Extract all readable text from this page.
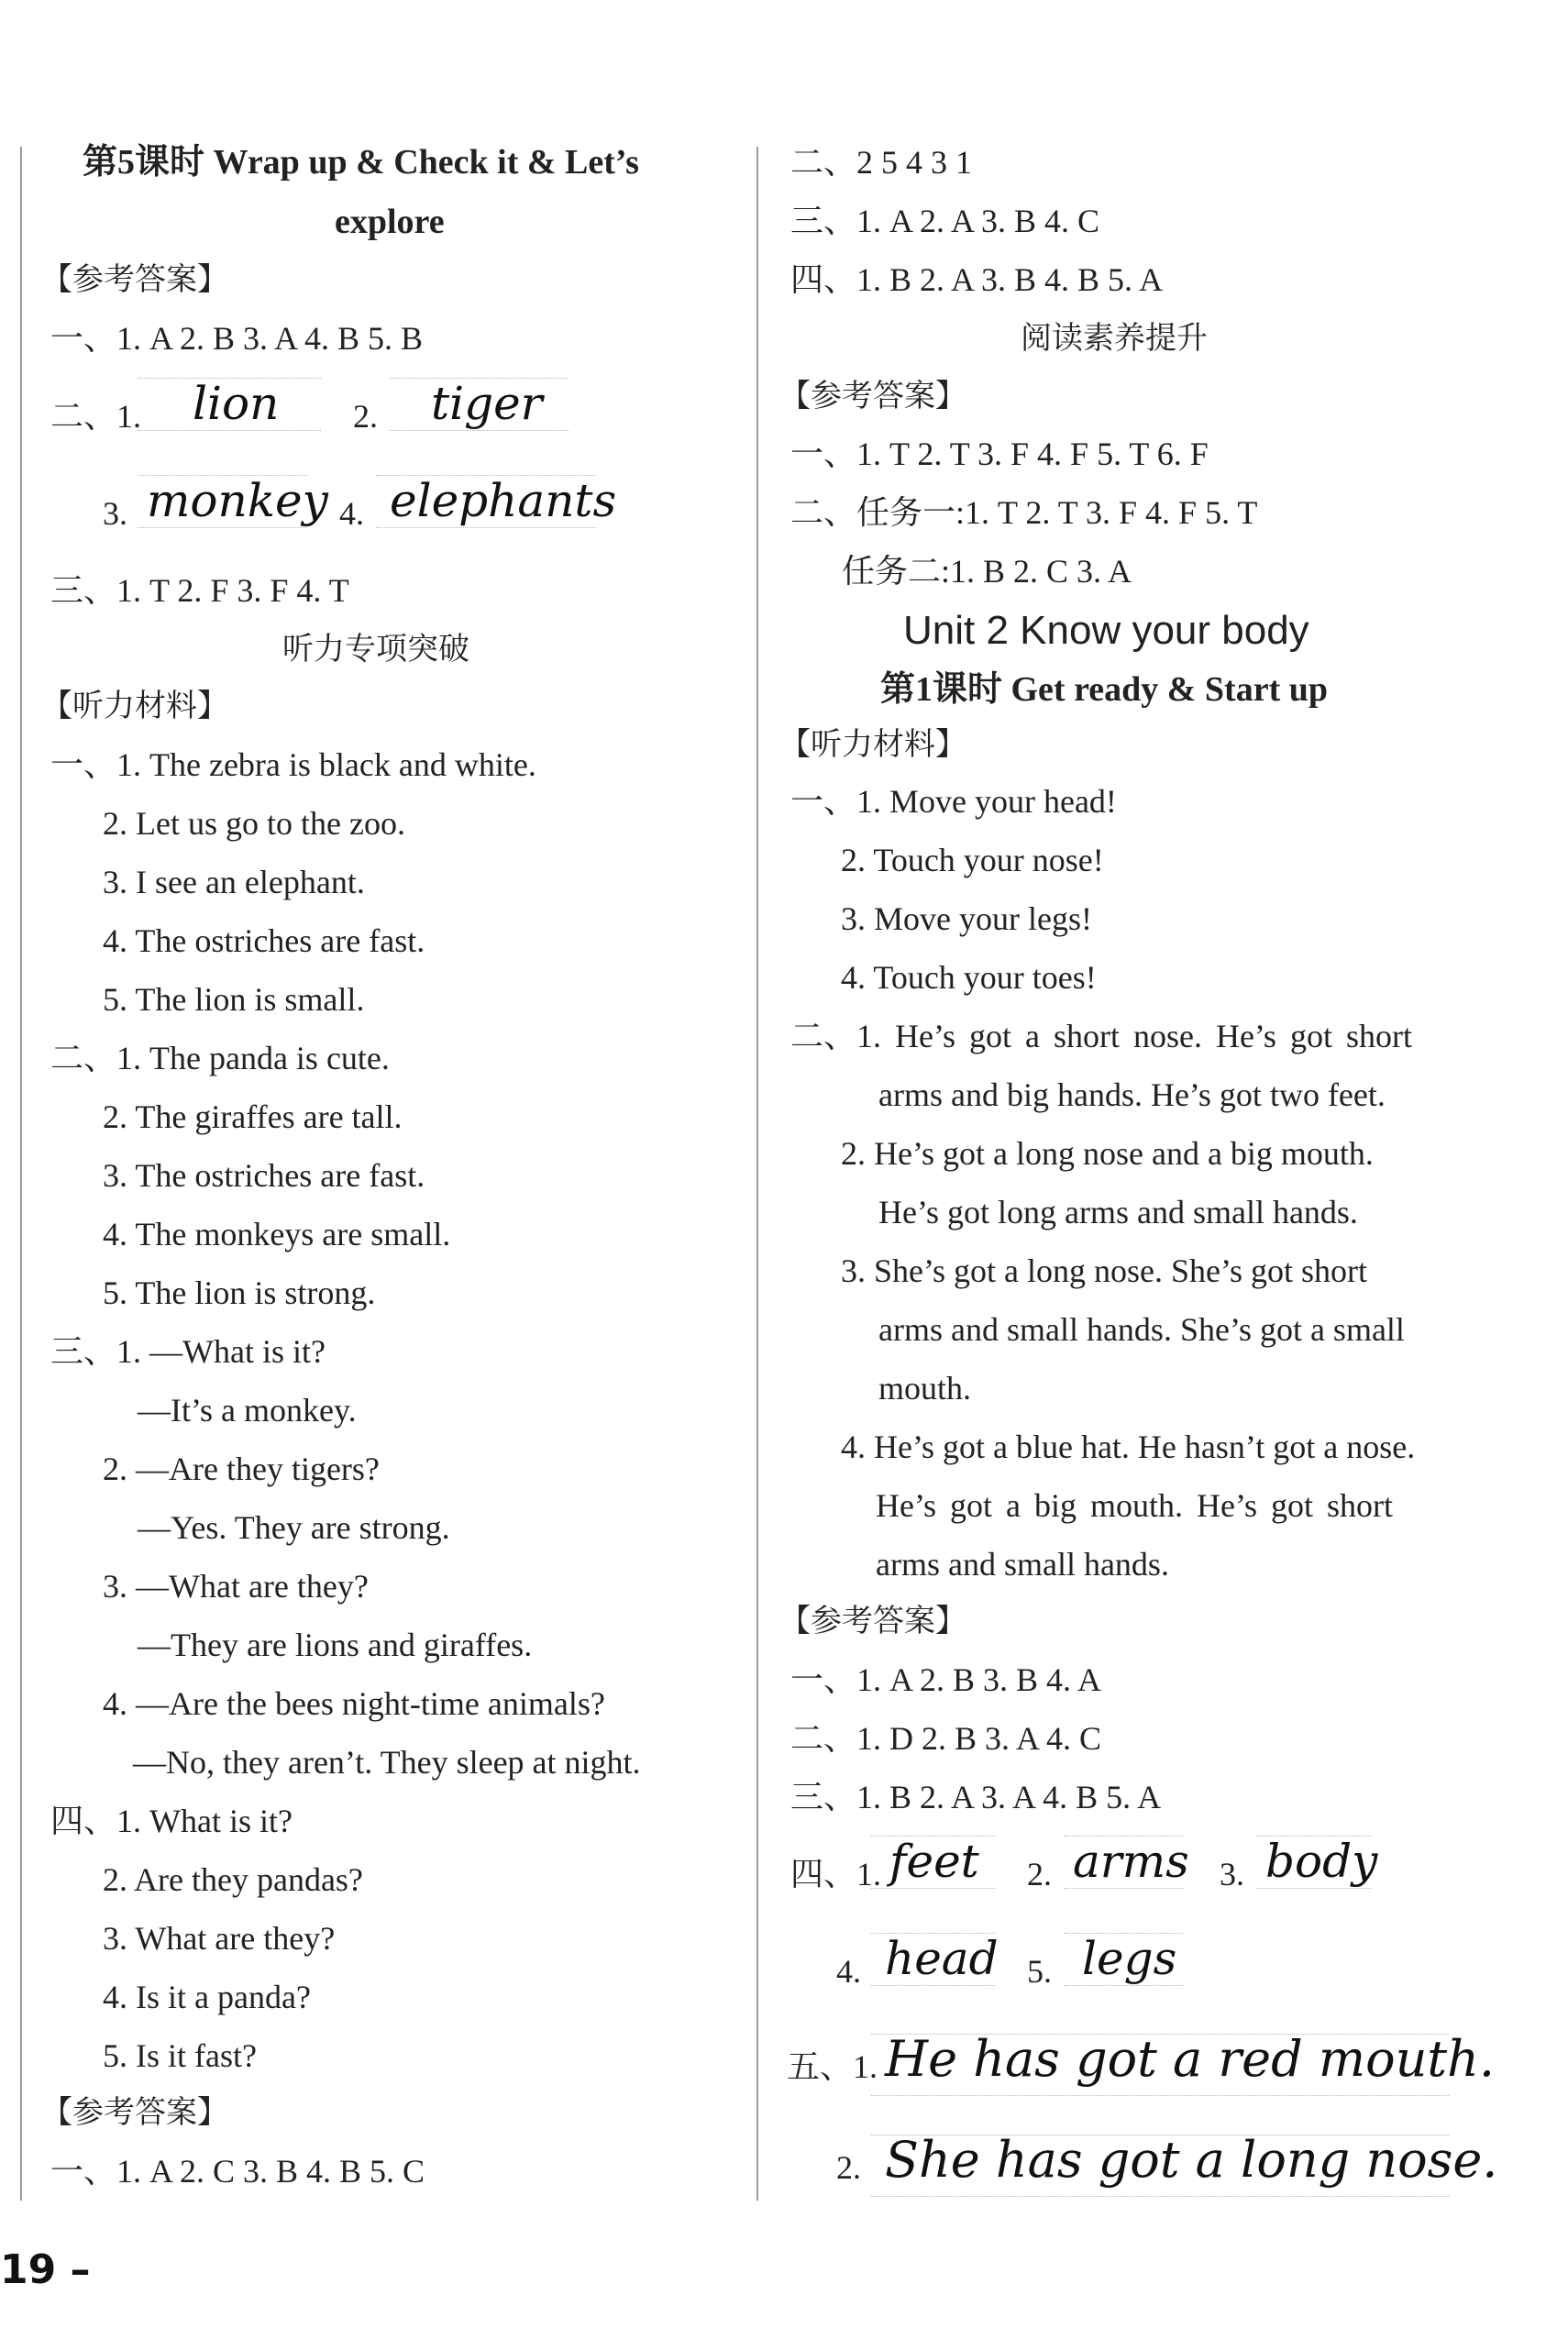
第5课时 Wrap up & Check it & Let’s
explore
【参考答案】
一、1. A 2. B 3. A 4. B 5. B
二、1. lion 2. tiger
3. monkey 4. elephants
三、1. T 2. F 3. F 4. T
听力专项突破
【听力材料】
一、1. The zebra is black and white.
2. Let us go to the zoo.
3. I see an elephant.
4. The ostriches are fast.
5. The lion is small.
二、1. The panda is cute.
2. The giraffes are tall.
3. The ostriches are fast.
4. The monkeys are small.
5. The lion is strong.
三、1. —What is it?
—It’s a monkey.
2. —Are they tigers?
—Yes. They are strong.
3. —What are they?
—They are lions and giraffes.
4. —Are the bees night-time animals?
—No, they aren’t. They sleep at night.
四、1. What is it?
2. Are they pandas?
3. What are they?
4. Is it a panda?
5. Is it fast?
【参考答案】
一、1. A 2. C 3. B 4. B 5. C
二、2 5 4 3 1
三、1. A 2. A 3. B 4. C
四、1. B 2. A 3. B 4. B 5. A
阅读素养提升
【参考答案】
一、1. T 2. T 3. F 4. F 5. T 6. F
二、任务一:1. T 2. T 3. F 4. F 5. T
任务二:1. B 2. C 3. A
Unit 2 Know your body
第1课时 Get ready & Start up
【听力材料】
一、1. Move your head!
2. Touch your nose!
3. Move your legs!
4. Touch your toes!
二、1. He’s got a short nose. He’s got short
arms and big hands. He’s got two feet.
2. He’s got a long nose and a big mouth.
He’s got long arms and small hands.
3. She’s got a long nose. She’s got short
arms and small hands. She’s got a small
mouth.
4. He’s got a blue hat. He hasn’t got a nose.
He’s got a big mouth. He’s got short
arms and small hands.
【参考答案】
一、1. A 2. B 3. B 4. A
二、1. D 2. B 3. A 4. C
三、1. B 2. A 3. A 4. B 5. A
四、1. feet 2. arms 3. body
4. head 5. legs
五、1. He has got a red mouth.
2. She has got a long nose.
19 –
